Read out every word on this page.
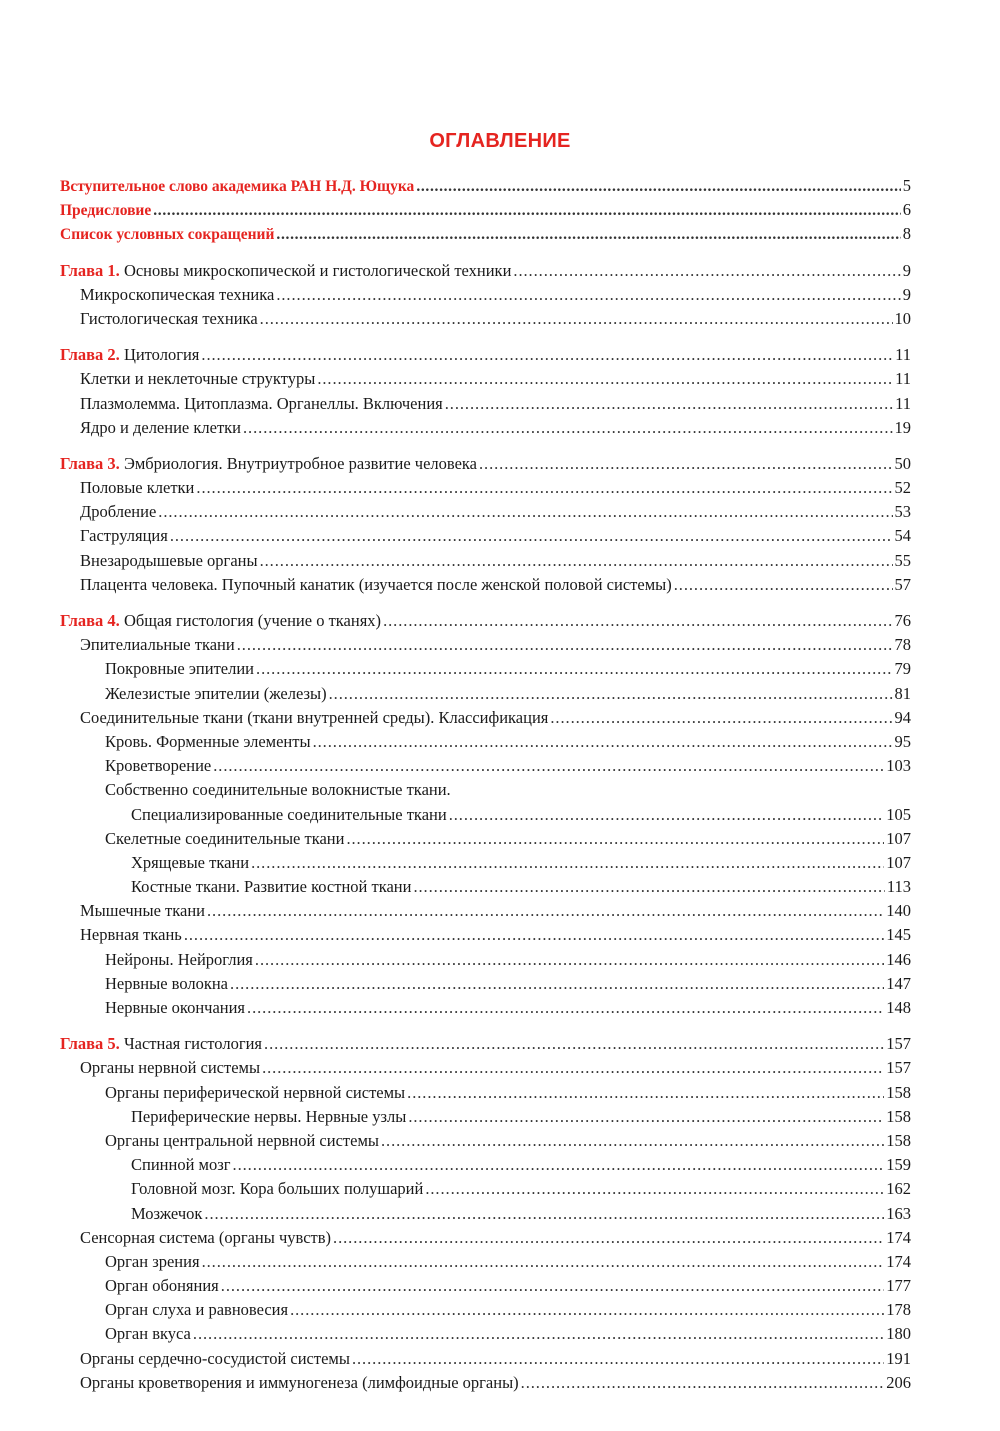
ОГЛАВЛЕНИЕ
Вступительное слово академика РАН Н.Д. Ющука . . .	5
Предисловие . . .	6
Список условных сокращений . . .	8
Глава 1. Основы микроскопической и гистологической техники . . .	9
Микроскопическая техника . . .	9
Гистологическая техника . . .	10
Глава 2. Цитология . . .	11
Клетки и неклеточные структуры . . .	11
Плазмолемма. Цитоплазма. Органеллы. Включения . . .	11
Ядро и деление клетки . . .	19
Глава 3. Эмбриология. Внутриутробное развитие человека . . .	50
Половые клетки . . .	52
Дробление . . .	53
Гаструляция . . .	54
Внезародышевые органы . . .	55
Плацента человека. Пупочный канатик (изучается после женской половой системы) . . .	57
Глава 4. Общая гистология (учение о тканях) . . .	76
Эпителиальные ткани . . .	78
Покровные эпителии . . .	79
Железистые эпителии (железы) . . .	81
Соединительные ткани (ткани внутренней среды). Классификация . . .	94
Кровь. Форменные элементы . . .	95
Кроветворение . . .	103
Собственно соединительные волокнистые ткани.
Специализированные соединительные ткани . . .	105
Скелетные соединительные ткани . . .	107
Хрящевые ткани . . .	107
Костные ткани. Развитие костной ткани . . .	113
Мышечные ткани . . .	140
Нервная ткань . . .	145
Нейроны. Нейроглия . . .	146
Нервные волокна . . .	147
Нервные окончания . . .	148
Глава 5. Частная гистология . . .	157
Органы нервной системы . . .	157
Органы периферической нервной системы . . .	158
Периферические нервы. Нервные узлы . . .	158
Органы центральной нервной системы . . .	158
Спинной мозг . . .	159
Головной мозг. Кора больших полушарий . . .	162
Мозжечок . . .	163
Сенсорная система (органы чувств) . . .	174
Орган зрения . . .	174
Орган обоняния . . .	177
Орган слуха и равновесия . . .	178
Орган вкуса . . .	180
Органы сердечно-сосудистой системы . . .	191
Органы кроветворения и иммуногенеза (лимфоидные органы) . . .	206
